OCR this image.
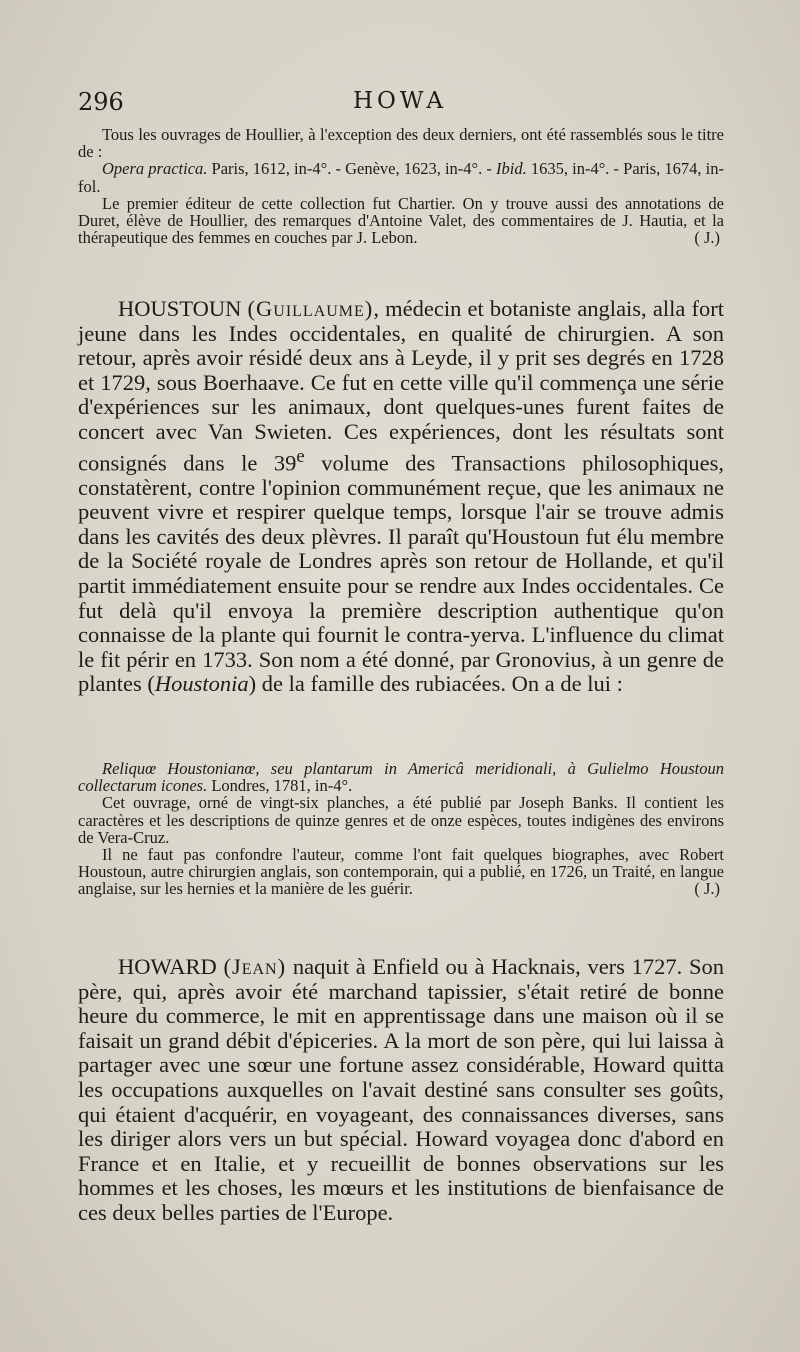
296	HOWA

Tous les ouvrages de Houllier, à l'exception des deux derniers, ont été rassemblés sous le titre de :

Opera practica. Paris, 1612, in-4°. - Genève, 1623, in-4°. - Ibid. 1635, in-4°. - Paris, 1674, in-fol.

Le premier éditeur de cette collection fut Chartier. On y trouve aussi des annotations de Duret, élève de Houllier, des remarques d'Antoine Valet, des commentaires de J. Hautia, et la thérapeutique des femmes en couches par J. Lebon.	( J.)

HOUSTOUN (Guillaume), médecin et botaniste anglais, alla fort jeune dans les Indes occidentales, en qualité de chirurgien. A son retour, après avoir résidé deux ans à Leyde, il y prit ses degrés en 1728 et 1729, sous Boerhaave. Ce fut en cette ville qu'il commença une série d'expériences sur les animaux, dont quelques-unes furent faites de concert avec Van Swieten. Ces expériences, dont les résultats sont consignés dans le 39e volume des Transactions philosophiques, constatèrent, contre l'opinion communément reçue, que les animaux ne peuvent vivre et respirer quelque temps, lorsque l'air se trouve admis dans les cavités des deux plèvres. Il paraît qu'Houstoun fut élu membre de la Société royale de Londres après son retour de Hollande, et qu'il partit immédiatement ensuite pour se rendre aux Indes occidentales. Ce fut delà qu'il envoya la première description authentique qu'on connaisse de la plante qui fournit le contra-yerva. L'influence du climat le fit périr en 1733. Son nom a été donné, par Gronovius, à un genre de plantes (Houstonia) de la famille des rubiacées. On a de lui :

Reliquœ Houstonianœ, seu plantarum in Americâ meridionali, à Gulielmo Houstoun collectarum icones. Londres, 1781, in-4°.

Cet ouvrage, orné de vingt-six planches, a été publié par Joseph Banks. Il contient les caractères et les descriptions de quinze genres et de onze espèces, toutes indigènes des environs de Vera-Cruz.

Il ne faut pas confondre l'auteur, comme l'ont fait quelques biographes, avec Robert Houstoun, autre chirurgien anglais, son contemporain, qui a publié, en 1726, un Traité, en langue anglaise, sur les hernies et la manière de les guérir.	( J.)

HOWARD (Jean) naquit à Enfield ou à Hacknais, vers 1727. Son père, qui, après avoir été marchand tapissier, s'était retiré de bonne heure du commerce, le mit en apprentissage dans une maison où il se faisait un grand débit d'épiceries. A la mort de son père, qui lui laissa à partager avec une sœur une fortune assez considérable, Howard quitta les occupations auxquelles on l'avait destiné sans consulter ses goûts, qui étaient d'acquérir, en voyageant, des connaissances diverses, sans les diriger alors vers un but spécial. Howard voyagea donc d'abord en France et en Italie, et y recueillit de bonnes observations sur les hommes et les choses, les mœurs et les institutions de bienfaisance de ces deux belles parties de l'Europe.
